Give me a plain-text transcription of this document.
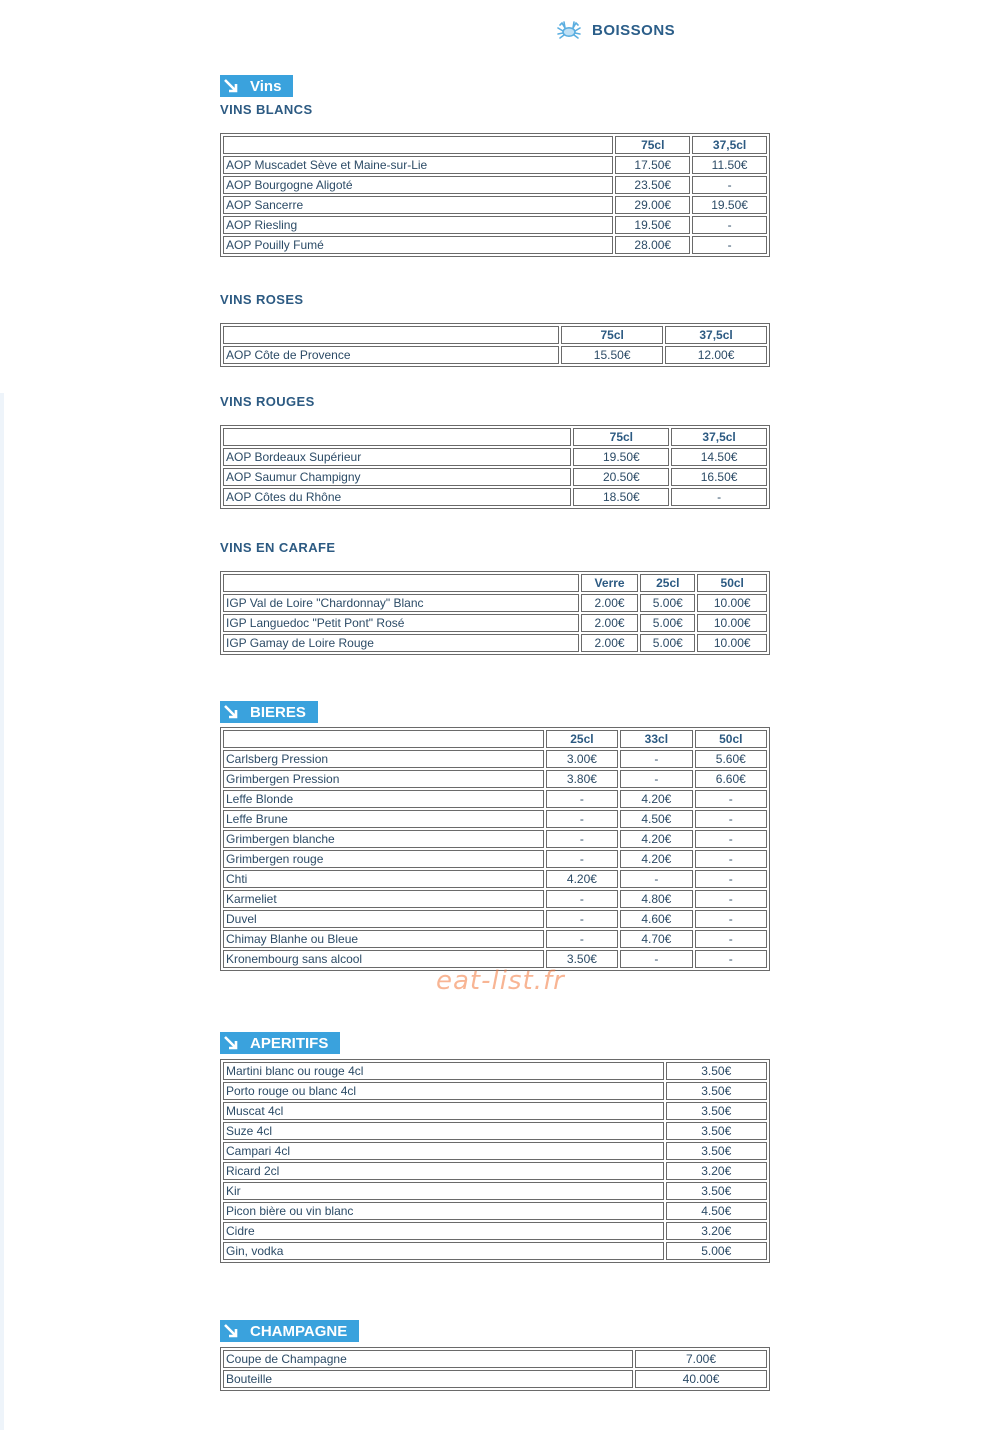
BOISSONS
Vins
VINS BLANCS
	75cl	37,5cl
AOP Muscadet Sève et Maine-sur-Lie	17.50€	11.50€
AOP Bourgogne Aligoté	23.50€	-
AOP Sancerre	29.00€	19.50€
AOP Riesling	19.50€	-
AOP Pouilly Fumé	28.00€	-
VINS ROSES
	75cl	37,5cl
AOP Côte de Provence	15.50€	12.00€
VINS ROUGES
	75cl	37,5cl
AOP Bordeaux Supérieur	19.50€	14.50€
AOP Saumur Champigny	20.50€	16.50€
AOP Côtes du Rhône	18.50€	-
VINS EN CARAFE
	Verre	25cl	50cl
IGP Val de Loire "Chardonnay" Blanc	2.00€	5.00€	10.00€
IGP Languedoc "Petit Pont" Rosé	2.00€	5.00€	10.00€
IGP Gamay de Loire Rouge	2.00€	5.00€	10.00€
BIERES
	25cl	33cl	50cl
Carlsberg Pression	3.00€	-	5.60€
Grimbergen Pression	3.80€	-	6.60€
Leffe Blonde	-	4.20€	-
Leffe Brune	-	4.50€	-
Grimbergen blanche	-	4.20€	-
Grimbergen rouge	-	4.20€	-
Chti	4.20€	-	-
Karmeliet	-	4.80€	-
Duvel	-	4.60€	-
Chimay Blanhe ou Bleue	-	4.70€	-
Kronembourg sans alcool	3.50€	-	-
eat-list.fr
APERITIFS
Martini blanc ou rouge 4cl	3.50€
Porto rouge ou blanc 4cl	3.50€
Muscat 4cl	3.50€
Suze 4cl	3.50€
Campari 4cl	3.50€
Ricard 2cl	3.20€
Kir	3.50€
Picon bière ou vin blanc	4.50€
Cidre	3.20€
Gin, vodka	5.00€
CHAMPAGNE
Coupe de Champagne	7.00€
Bouteille	40.00€
